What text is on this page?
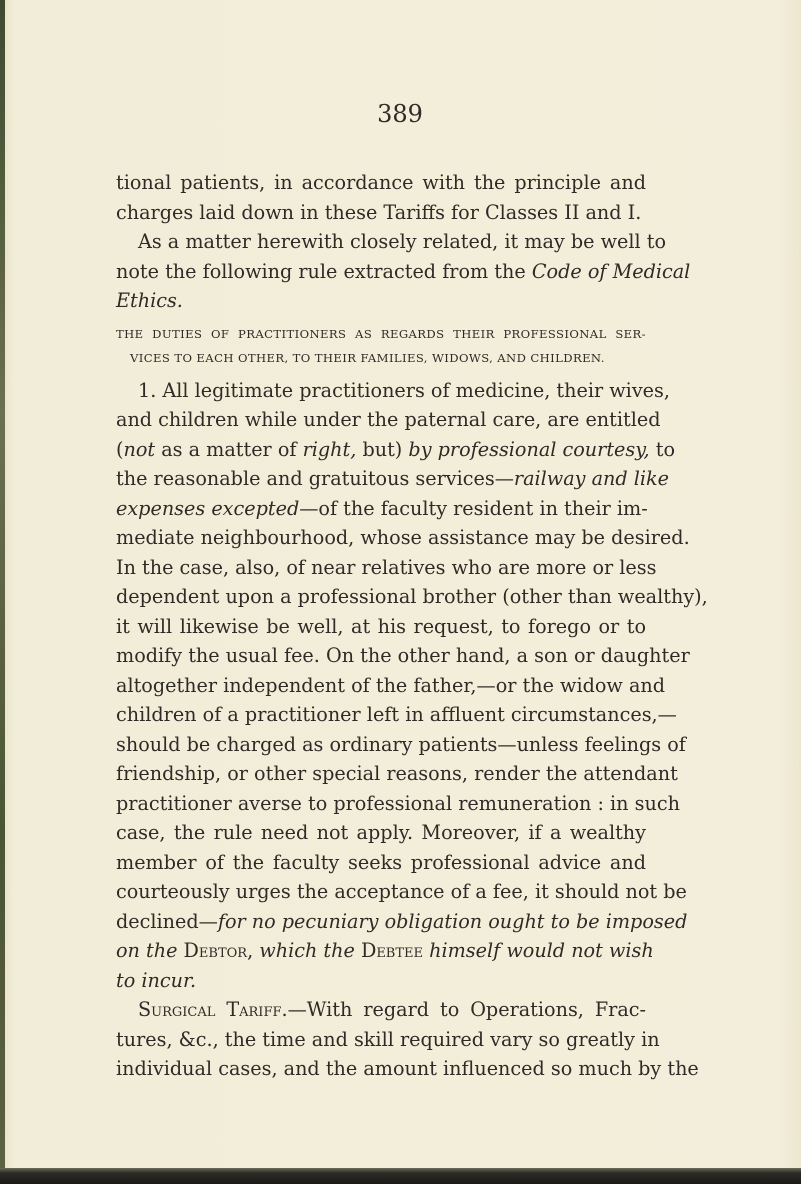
389
tional patients, in accordance with the principle and
charges laid down in these Tariffs for Classes II and I.
As a matter herewith closely related, it may be well to
note the following rule extracted from the Code of Medical
Ethics.
THE DUTIES OF PRACTITIONERS AS REGARDS THEIR PROFESSIONAL SER-
VICES TO EACH OTHER, TO THEIR FAMILIES, WIDOWS, AND CHILDREN.
1. All legitimate practitioners of medicine, their wives,
and children while under the paternal care, are entitled
(not as a matter of right, but) by professional courtesy, to
the reasonable and gratuitous services—railway and like
expenses excepted—of the faculty resident in their im-
mediate neighbourhood, whose assistance may be desired.
In the case, also, of near relatives who are more or less
dependent upon a professional brother (other than wealthy),
it will likewise be well, at his request, to forego or to
modify the usual fee. On the other hand, a son or daughter
altogether independent of the father,—or the widow and
children of a practitioner left in affluent circumstances,—
should be charged as ordinary patients—unless feelings of
friendship, or other special reasons, render the attendant
practitioner averse to professional remuneration : in such
case, the rule need not apply. Moreover, if a wealthy
member of the faculty seeks professional advice and
courteously urges the acceptance of a fee, it should not be
declined—for no pecuniary obligation ought to be imposed
on the Debtor, which the Debtee himself would not wish
to incur.
Surgical Tariff.—With regard to Operations, Frac-
tures, &c., the time and skill required vary so greatly in
individual cases, and the amount influenced so much by the
